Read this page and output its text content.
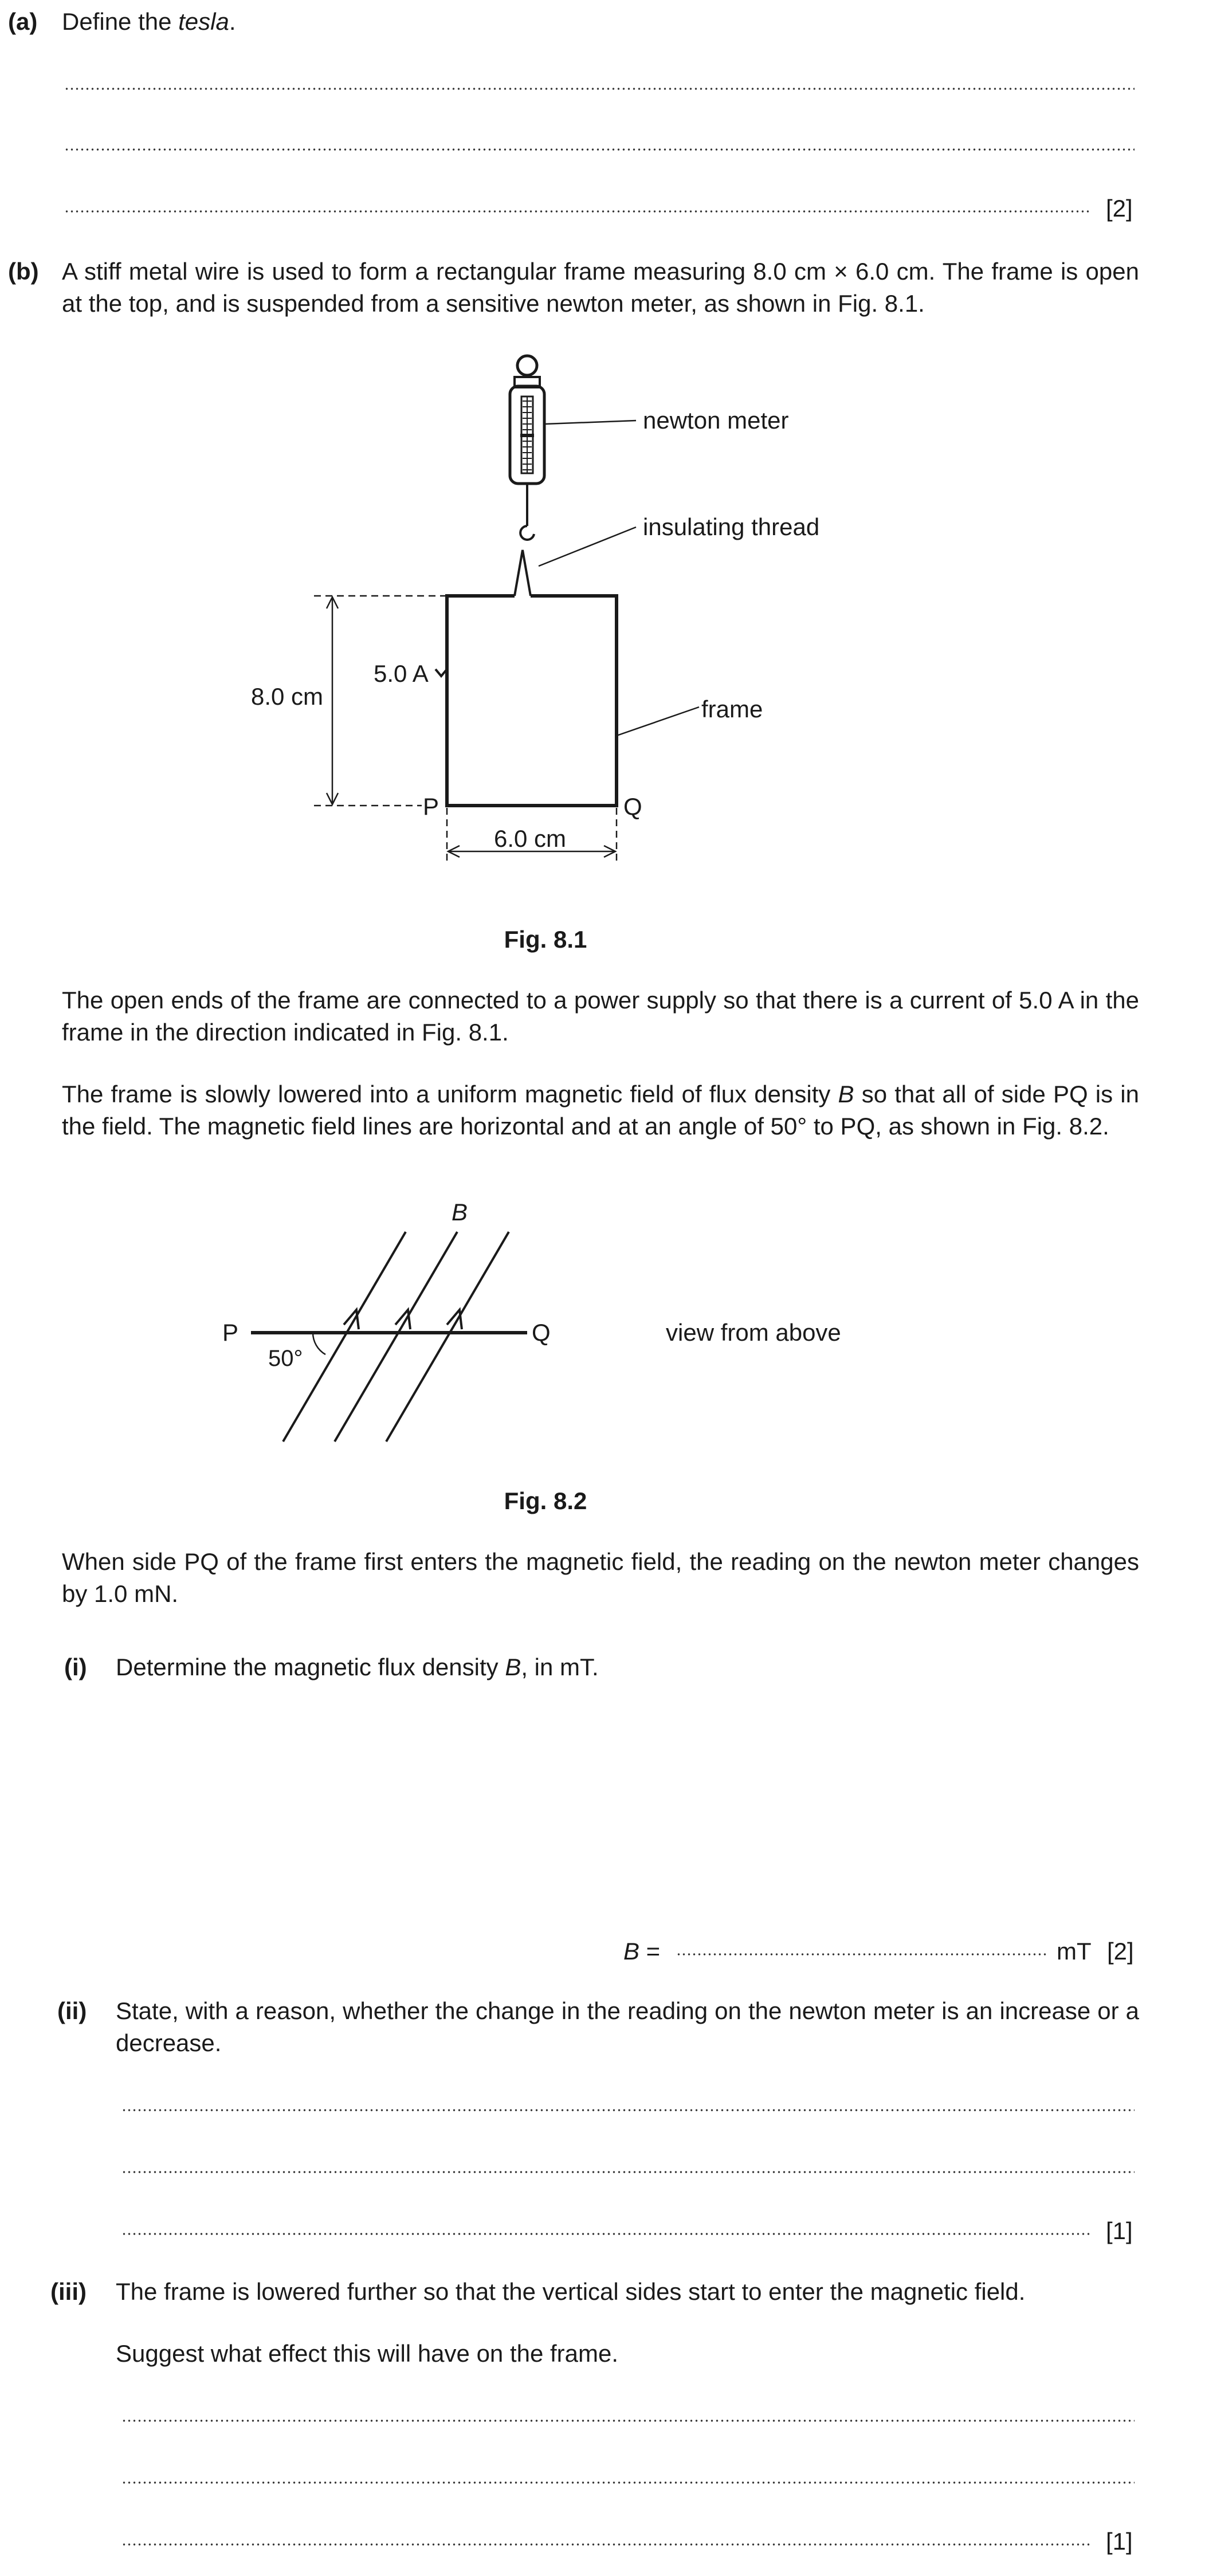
(a) Define the tesla.
[2]
(b) A stiff metal wire is used to form a rectangular frame measuring 8.0 cm × 6.0 cm. The frame is open at the top, and is suspended from a sensitive newton meter, as shown in Fig. 8.1.
newton meter
insulating thread
frame
5.0 A
8.0 cm
6.0 cm
P	Q
Fig. 8.1
The open ends of the frame are connected to a power supply so that there is a current of 5.0 A in the frame in the direction indicated in Fig. 8.1.
The frame is slowly lowered into a uniform magnetic field of flux density B so that all of side PQ is in the field. The magnetic field lines are horizontal and at an angle of 50° to PQ, as shown in Fig. 8.2.
B
P	Q
50°
view from above
Fig. 8.2
When side PQ of the frame first enters the magnetic field, the reading on the newton meter changes by 1.0 mN.
(i) Determine the magnetic flux density B, in mT.
B =	mT [2]
(ii) State, with a reason, whether the change in the reading on the newton meter is an increase or a decrease.
[1]
(iii) The frame is lowered further so that the vertical sides start to enter the magnetic field.
Suggest what effect this will have on the frame.
[1]
